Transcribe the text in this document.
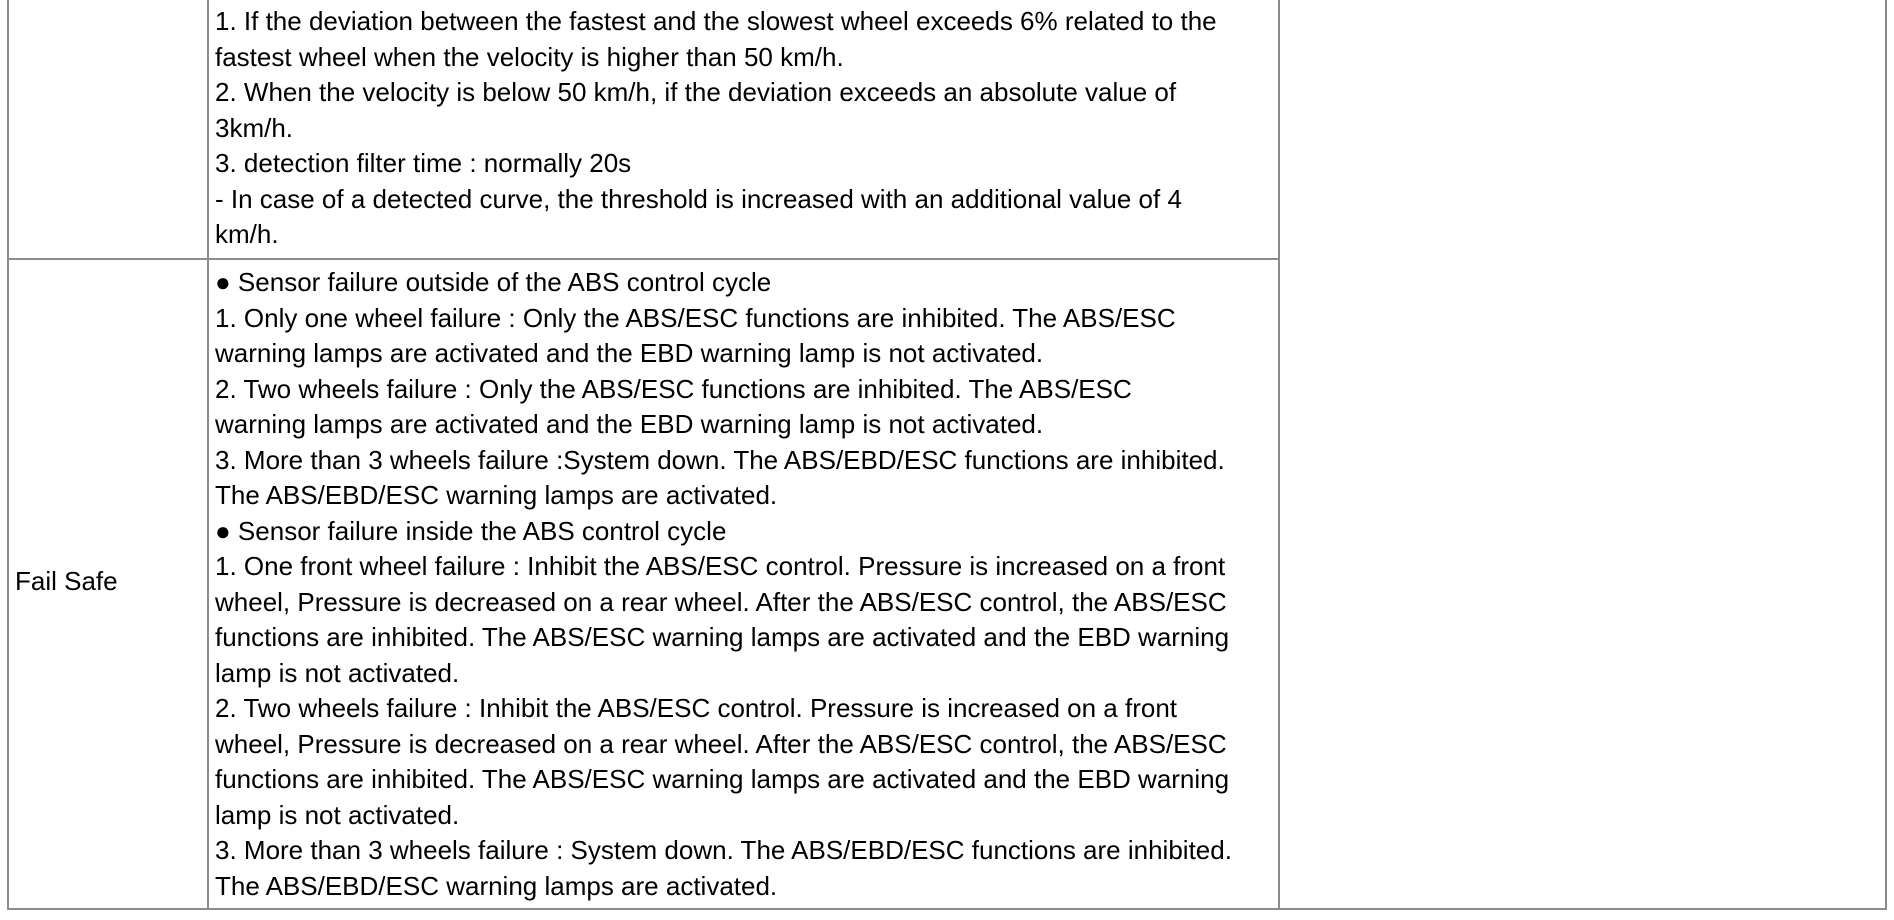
1. If the deviation between the fastest and the slowest wheel exceeds 6% related to the
fastest wheel when the velocity is higher than 50 km/h.
2. When the velocity is below 50 km/h, if the deviation exceeds an absolute value of
3km/h.
3. detection filter time : normally 20s
- In case of a detected curve, the threshold is increased with an additional value of 4
km/h.
Fail Safe
● Sensor failure outside of the ABS control cycle
1. Only one wheel failure : Only the ABS/ESC functions are inhibited. The ABS/ESC
warning lamps are activated and the EBD warning lamp is not activated.
2. Two wheels failure : Only the ABS/ESC functions are inhibited. The ABS/ESC
warning lamps are activated and the EBD warning lamp is not activated.
3. More than 3 wheels failure :System down. The ABS/EBD/ESC functions are inhibited.
The ABS/EBD/ESC warning lamps are activated.
● Sensor failure inside the ABS control cycle
1. One front wheel failure : Inhibit the ABS/ESC control. Pressure is increased on a front
wheel, Pressure is decreased on a rear wheel. After the ABS/ESC control, the ABS/ESC
functions are inhibited. The ABS/ESC warning lamps are activated and the EBD warning
lamp is not activated.
2. Two wheels failure : Inhibit the ABS/ESC control. Pressure is increased on a front
wheel, Pressure is decreased on a rear wheel. After the ABS/ESC control, the ABS/ESC
functions are inhibited. The ABS/ESC warning lamps are activated and the EBD warning
lamp is not activated.
3. More than 3 wheels failure : System down. The ABS/EBD/ESC functions are inhibited.
The ABS/EBD/ESC warning lamps are activated.
